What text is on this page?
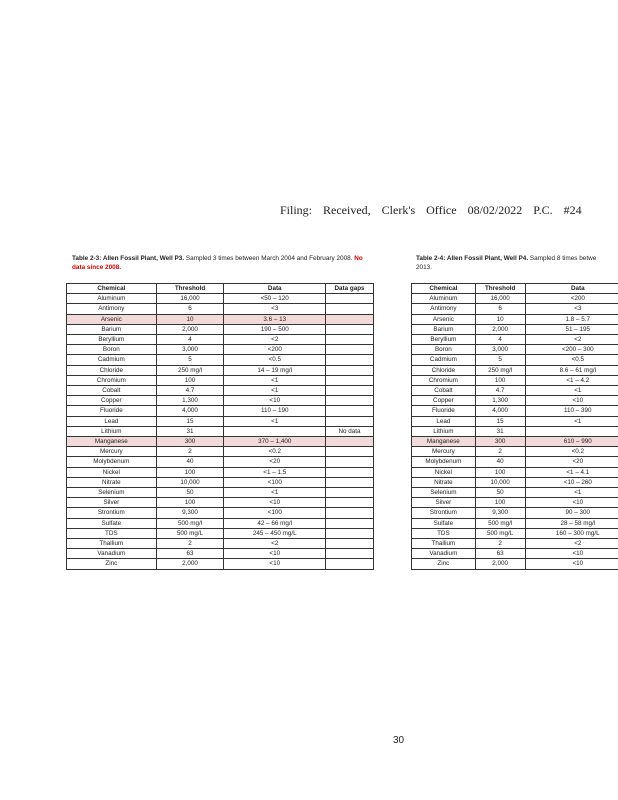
Filing: Received, Clerk's Office 08/02/2022 P.C. #24
Table 2-3: Allen Fossil Plant, Well P3. Sampled 3 times between March 2004 and February 2008. No data since 2008.
Table 2-4: Allen Fossil Plant, Well P4. Sampled 8 times betwe
2013.
Chemical	Threshold	Data	Data gaps
Aluminum	16,000	<50 – 120	
Antimony	6	<3	
Arsenic	10	3.6 – 13	
Barium	2,000	190 – 500	
Beryllium	4	<2	
Boron	3,000	<200	
Cadmium	5	<0.5	
Chloride	250 mg/l	14 – 19 mg/l	
Chromium	100	<1	
Cobalt	4.7	<1	
Copper	1,300	<10	
Fluoride	4,000	110 – 190	
Lead	15	<1	
Lithium	31		No data
Manganese	300	370 – 1,400	
Mercury	2	<0.2	
Molybdenum	40	<20	
Nickel	100	<1 – 1.5	
Nitrate	10,000	<100	
Selenium	50	<1	
Silver	100	<10	
Strontium	9,300	<100	
Sulfate	500 mg/l	42 – 66 mg/l	
TDS	500 mg/L	245 – 450 mg/L	
Thallium	2	<2	
Vanadium	63	<10	
Zinc	2,000	<10	
Chemical	Threshold	Data
Aluminum	16,000	<200
Antimony	6	<3
Arsenic	10	1.8 – 5.7
Barium	2,000	51 – 195
Beryllium	4	<2
Boron	3,000	<200 – 300
Cadmium	5	<0.5
Chloride	250 mg/l	8.6 – 61 mg/l
Chromium	100	<1 – 4.2
Cobalt	4.7	<1
Copper	1,300	<10
Fluoride	4,000	110 – 390
Lead	15	<1
Lithium	31	
Manganese	300	610 – 990
Mercury	2	<0.2
Molybdenum	40	<20
Nickel	100	<1 – 4.1
Nitrate	10,000	<10 – 260
Selenium	50	<1
Silver	100	<10
Strontium	9,300	90 – 300
Sulfate	500 mg/l	28 – 58 mg/l
TDS	500 mg/L	160 – 300 mg/L
Thallium	2	<2
Vanadium	63	<10
Zinc	2,000	<10
30
